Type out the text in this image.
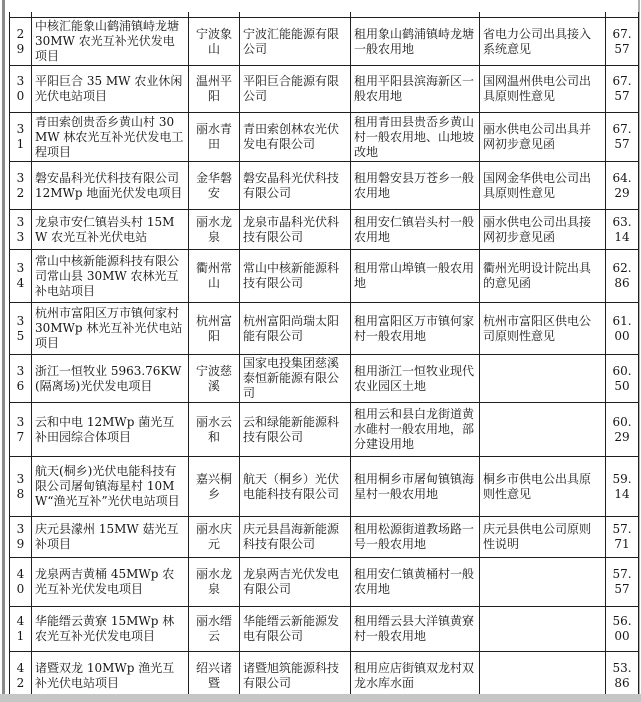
29	中核汇能象山鹤浦镇峙龙塘 30MW 农光互补光伏发电项目	宁波象山	宁波汇能能源有限公司	租用象山鹤浦镇峙龙塘一般农用地	省电力公司出具接入系统意见	67.57
30	平阳巨合 35 MW 农业休闲光伏电站项目	温州平阳	平阳巨合能源有限公司	租用平阳县滨海新区一般农用地	国网温州供电公司出具原则性意见	67.57
31	青田索创贵岙乡黄山村 30MW 林农光互补光伏发电工程项目	丽水青田	青田索创林农光伏发电有限公司	租用青田县贵岙乡黄山村一般农用地、山地坡改地	丽水供电公司出具并网初步意见函	67.57
32	磐安晶科光伏科技有限公司 12MWp 地面光伏发电项目	金华磐安	磐安晶科光伏科技有限公司	租用磐安县万苍乡一般农用地	国网金华供电公司出具原则性意见	64.29
33	龙泉市安仁镇岩头村 15MW 农光互补光伏电站	丽水龙泉	龙泉市晶科光伏科技有限公司	租用安仁镇岩头村一般农用地	丽水供电公司出具接网初步意见函	63.14
34	常山中核新能源科技有限公司常山县 30MW 农林光互补电站项目	衢州常山	常山中核新能源科技有限公司	租用常山埠镇一般农用地	衢州光明设计院出具的意见函	62.86
35	杭州市富阳区万市镇何家村 30MWp 林光互补光伏电站项目	杭州富阳	杭州富阳尚瑞太阳能有限公司	租用富阳区万市镇何家村一般农用地	杭州市富阳区供电公司原则性意见	61.00
36	浙江一恒牧业 5963.76KW(隔离场)光伏发电项目	宁波慈溪	国家电投集团慈溪泰恒新能源有限公司	租用浙江一恒牧业现代农业园区土地		60.50
37	云和中电 12MWp 菌光互补田园综合体项目	丽水云和	云和绿能新能源科技有限公司	租用云和县白龙街道黄水碓村一般农用地，部分建设用地		60.29
38	航天(桐乡)光伏电能科技有限公司屠甸镇海星村 10MW“渔光互补”光伏电站项目	嘉兴桐乡	航天（桐乡）光伏电能科技有限公司	租用桐乡市屠甸镇镇海星村一般农用地	桐乡市供电公出具原则性意见	59.14
39	庆元县濛州 15MW 菇光互补项目	丽水庆元	庆元县昌海新能源科技有限公司	租用松源街道教场路一号一般农用地	庆元县供电公司原则性说明	57.71
40	龙泉两吉黄桶 45MWp 农光互补光伏发电项目	丽水龙泉	龙泉两吉光伏发电有限公司	租用安仁镇黄桶村一般农用地		57.57
41	华能缙云黄寮 15MWp 林农光互补光伏发电项目	丽水缙云	华能缙云新能源发电有限公司	租用缙云县大洋镇黄寮村一般农用地		56.00
42	诸暨双龙 10MWp 渔光互补光伏电站项目	绍兴诸暨	诸暨旭筑能源科技有限公司	租用应店街镇双龙村双龙水库水面		53.86
